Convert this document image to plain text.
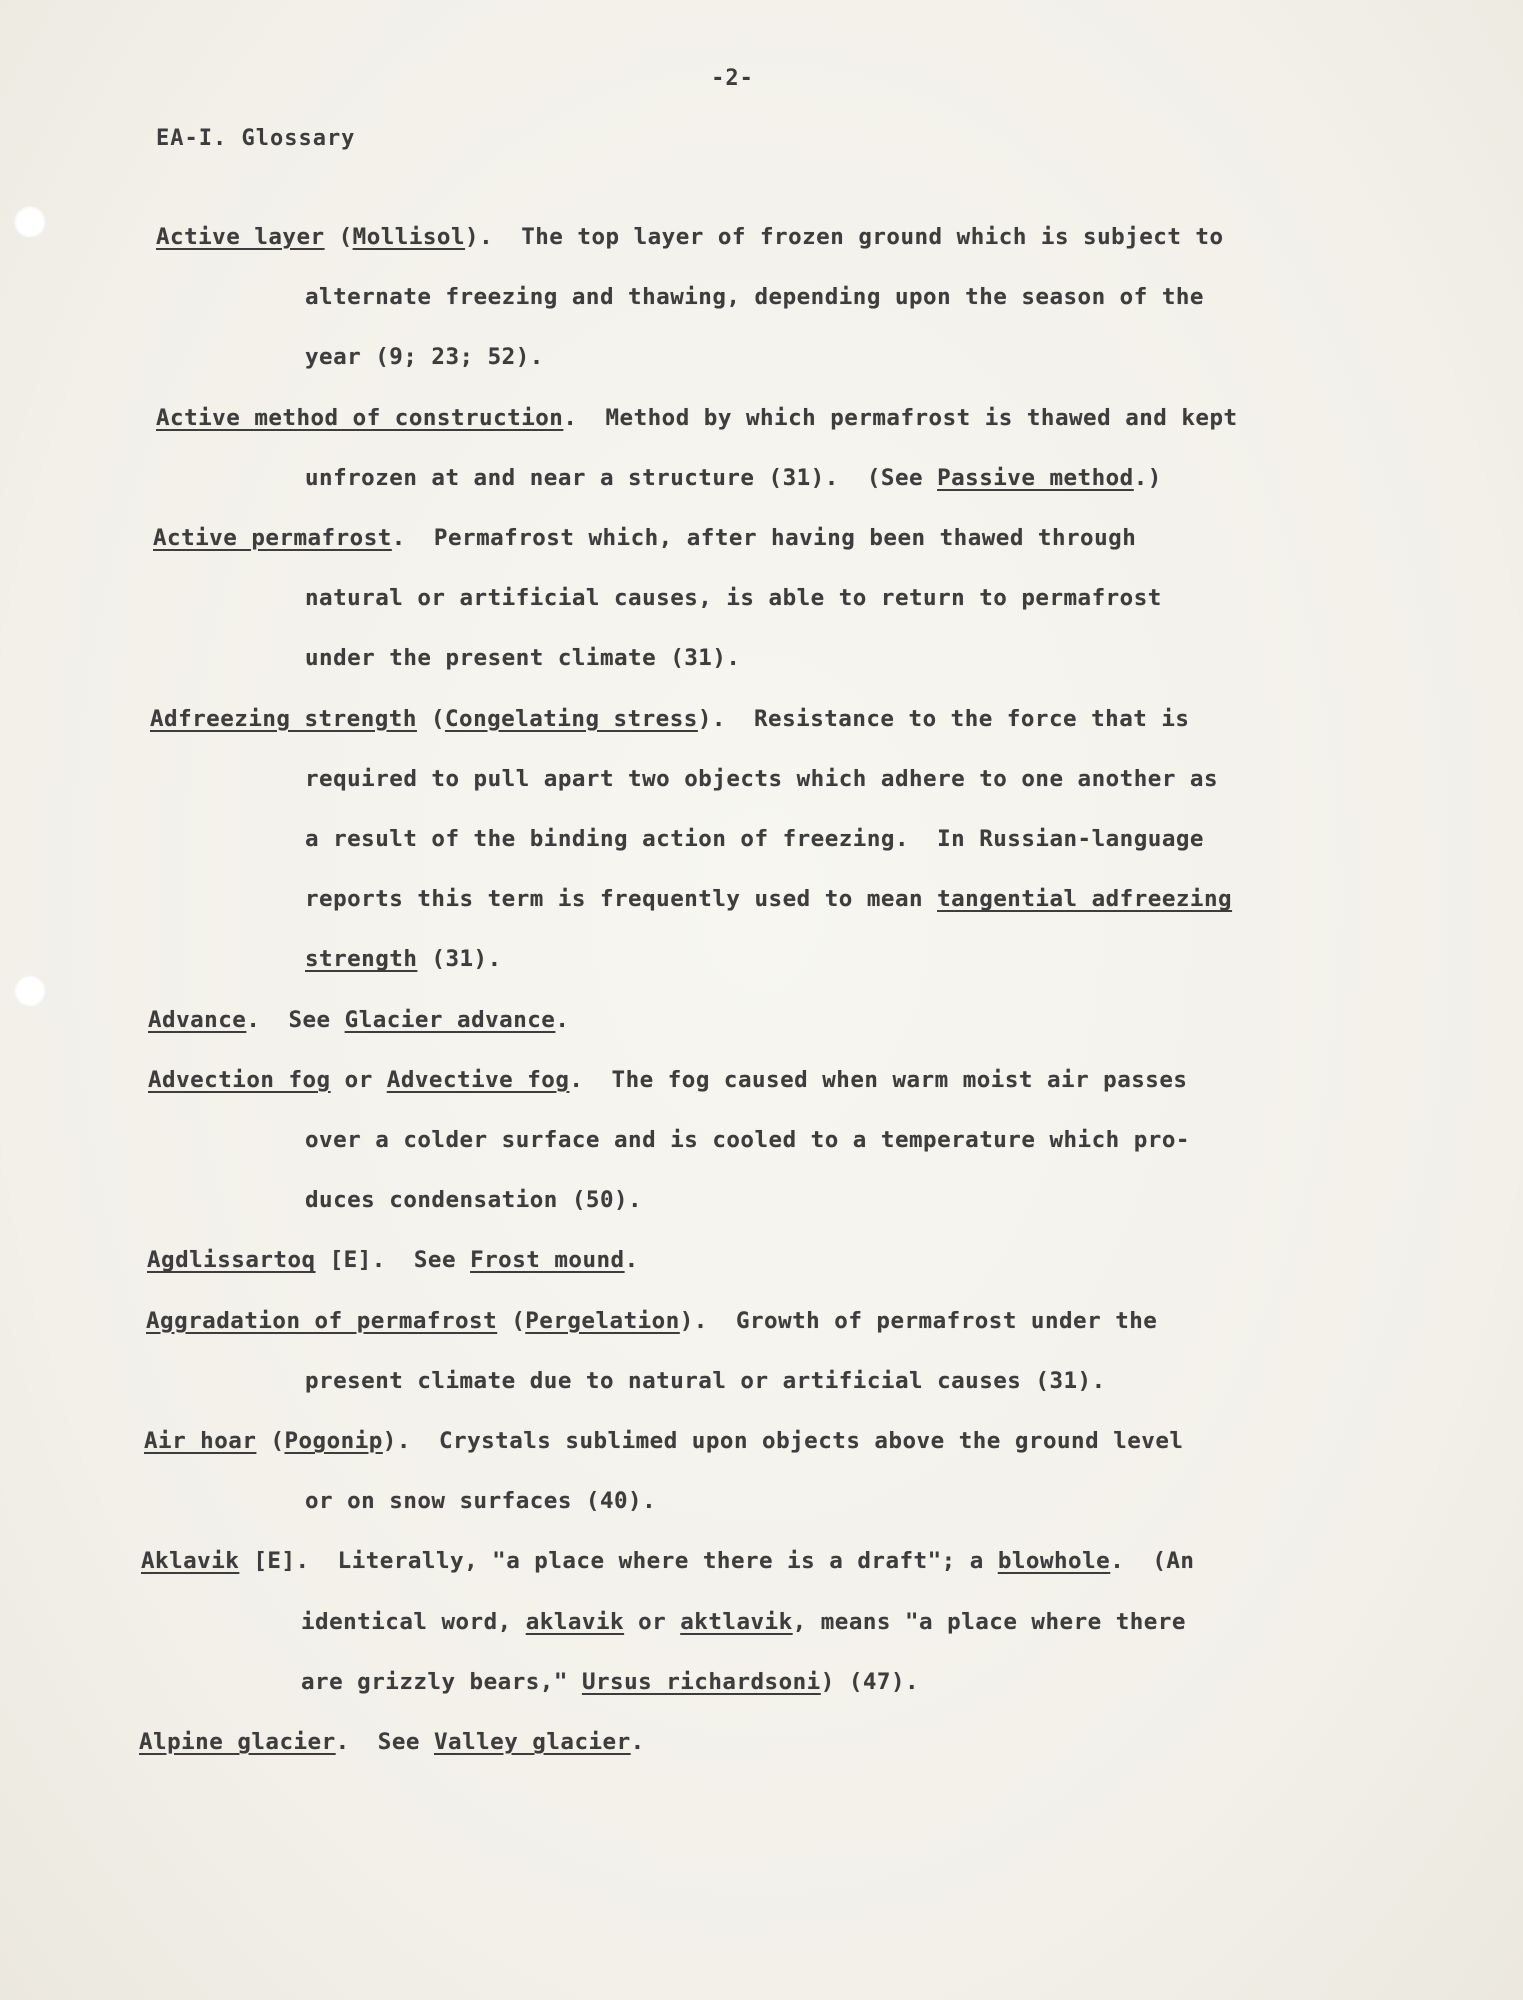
-2-
EA-I. Glossary
Active layer (Mollisol).  The top layer of frozen ground which is subject to
alternate freezing and thawing, depending upon the season of the
year (9; 23; 52).
Active method of construction.  Method by which permafrost is thawed and kept
unfrozen at and near a structure (31).  (See Passive method.)
Active permafrost.  Permafrost which, after having been thawed through
natural or artificial causes, is able to return to permafrost
under the present climate (31).
Adfreezing strength (Congelating stress).  Resistance to the force that is
required to pull apart two objects which adhere to one another as
a result of the binding action of freezing.  In Russian-language
reports this term is frequently used to mean tangential adfreezing
strength (31).
Advance.  See Glacier advance.
Advection fog or Advective fog.  The fog caused when warm moist air passes
over a colder surface and is cooled to a temperature which pro-
duces condensation (50).
Agdlissartoq [E].  See Frost mound.
Aggradation of permafrost (Pergelation).  Growth of permafrost under the
present climate due to natural or artificial causes (31).
Air hoar (Pogonip).  Crystals sublimed upon objects above the ground level
or on snow surfaces (40).
Aklavik [E].  Literally, "a place where there is a draft"; a blowhole.  (An
identical word, aklavik or aktlavik, means "a place where there
are grizzly bears," Ursus richardsoni) (47).
Alpine glacier.  See Valley glacier.
